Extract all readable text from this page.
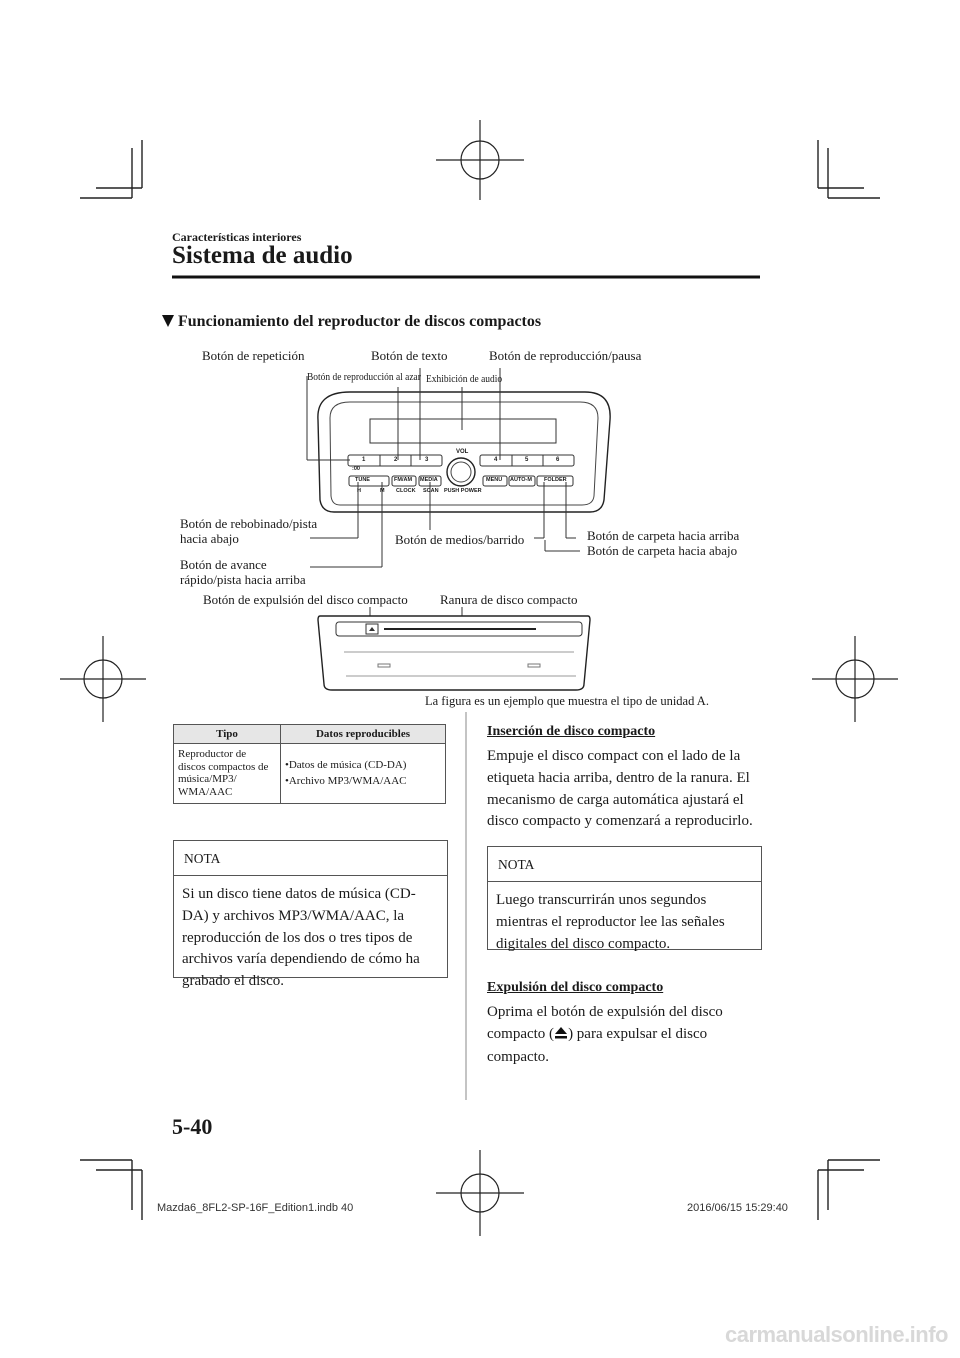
Características interiores
Sistema de audio
Funcionamiento del reproductor de discos compactos
VOL
PUSH POWER
TUNE	FM/AM MEDIA	MENU AUTO-M FOLDER
CLOCK SCAN
H	M
:00
1	2	3	4	5	6
Botón de repetición	Botón de texto	Botón de reproducción/pausa
Botón de reproducción al azar Exhibición de audio
Botón de rebobinado/pista
hacia abajo
Botón de avance
rápido/pista hacia arriba
Botón de medios/barrido	Botón de carpeta hacia arriba
Botón de carpeta hacia abajo
Botón de expulsión del disco compacto Ranura de disco compacto
La figura es un ejemplo que muestra el tipo de unidad A.
Tipo	Datos reproducibles
Reproductor de discos compactos de música/MP3/ WMA/AAC	•Datos de música (CD-DA)
•Archivo MP3/WMA/AAC
NOTA
Si un disco tiene datos de música (CD-DA) y archivos MP3/WMA/AAC, la reproducción de los dos o tres tipos de archivos varía dependiendo de cómo ha grabado el disco.
Inserción de disco compacto
Empuje el disco compact con el lado de la etiqueta hacia arriba, dentro de la ranura. El mecanismo de carga automática ajustará el disco compacto y comenzará a reproducirlo.
NOTA
Luego transcurrirán unos segundos mientras el reproductor lee las señales digitales del disco compacto.
Expulsión del disco compacto
Oprima el botón de expulsión del disco compacto ( ) para expulsar el disco compacto.
5-40
Mazda6_8FL2-SP-16F_Edition1.indb 40	2016/06/15 15:29:40
carmanualsonline.info
